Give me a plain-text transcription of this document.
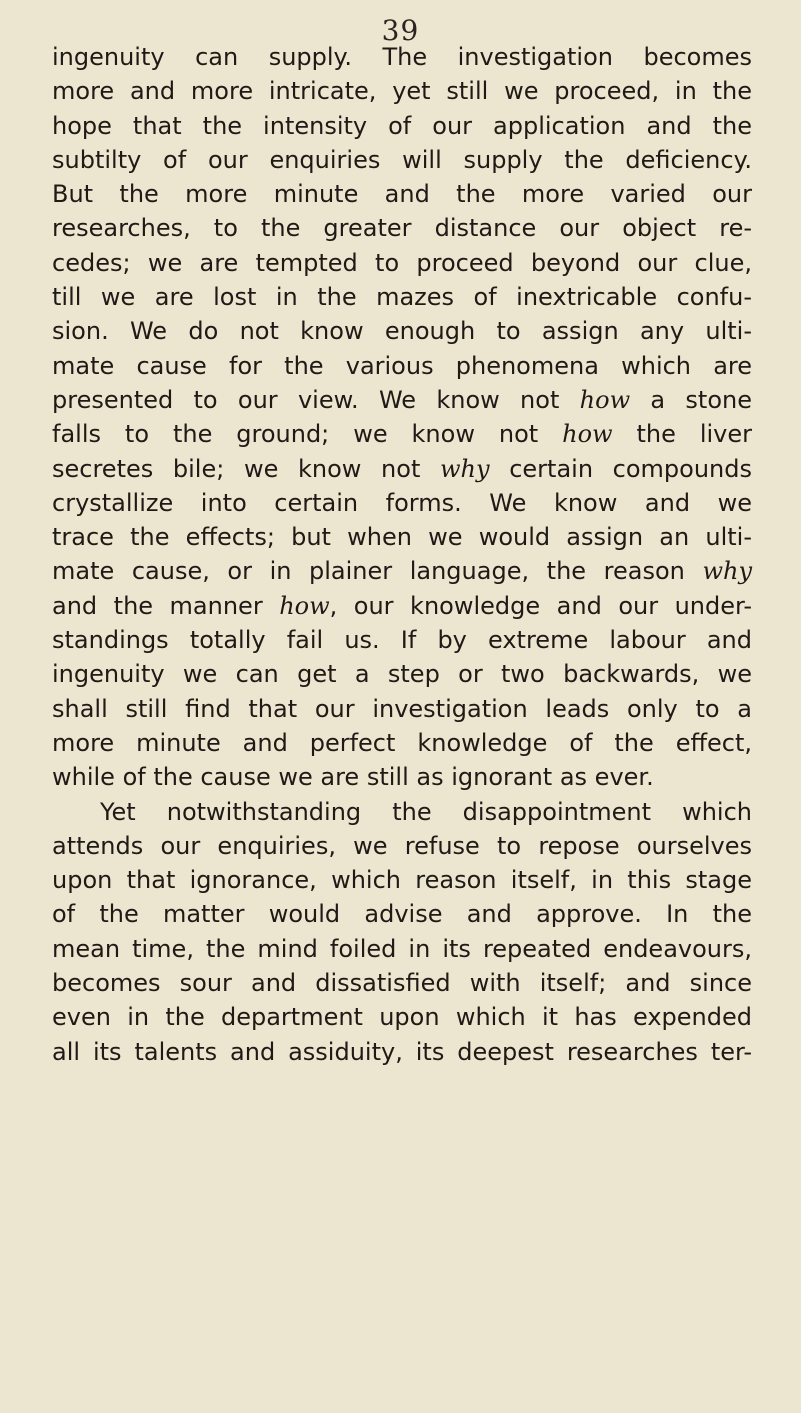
39
ingenuity can supply. The investigation becomes
more and more intricate, yet still we proceed, in the
hope that the intensity of our application and the
subtilty of our enquiries will supply the deficiency.
But the more minute and the more varied our
researches, to the greater distance our object re-
cedes; we are tempted to proceed beyond our clue,
till we are lost in the mazes of inextricable confu-
sion. We do not know enough to assign any ulti-
mate cause for the various phenomena which are
presented to our view. We know not how a stone
falls to the ground; we know not how the liver
secretes bile; we know not why certain compounds
crystallize into certain forms. We know and we
trace the effects; but when we would assign an ulti-
mate cause, or in plainer language, the reason why
and the manner how, our knowledge and our under-
standings totally fail us. If by extreme labour and
ingenuity we can get a step or two backwards, we
shall still find that our investigation leads only to a
more minute and perfect knowledge of the effect,
while of the cause we are still as ignorant as ever.
Yet notwithstanding the disappointment which
attends our enquiries, we refuse to repose ourselves
upon that ignorance, which reason itself, in this stage
of the matter would advise and approve. In the
mean time, the mind foiled in its repeated endeavours,
becomes sour and dissatisfied with itself; and since
even in the department upon which it has expended
all its talents and assiduity, its deepest researches ter-
